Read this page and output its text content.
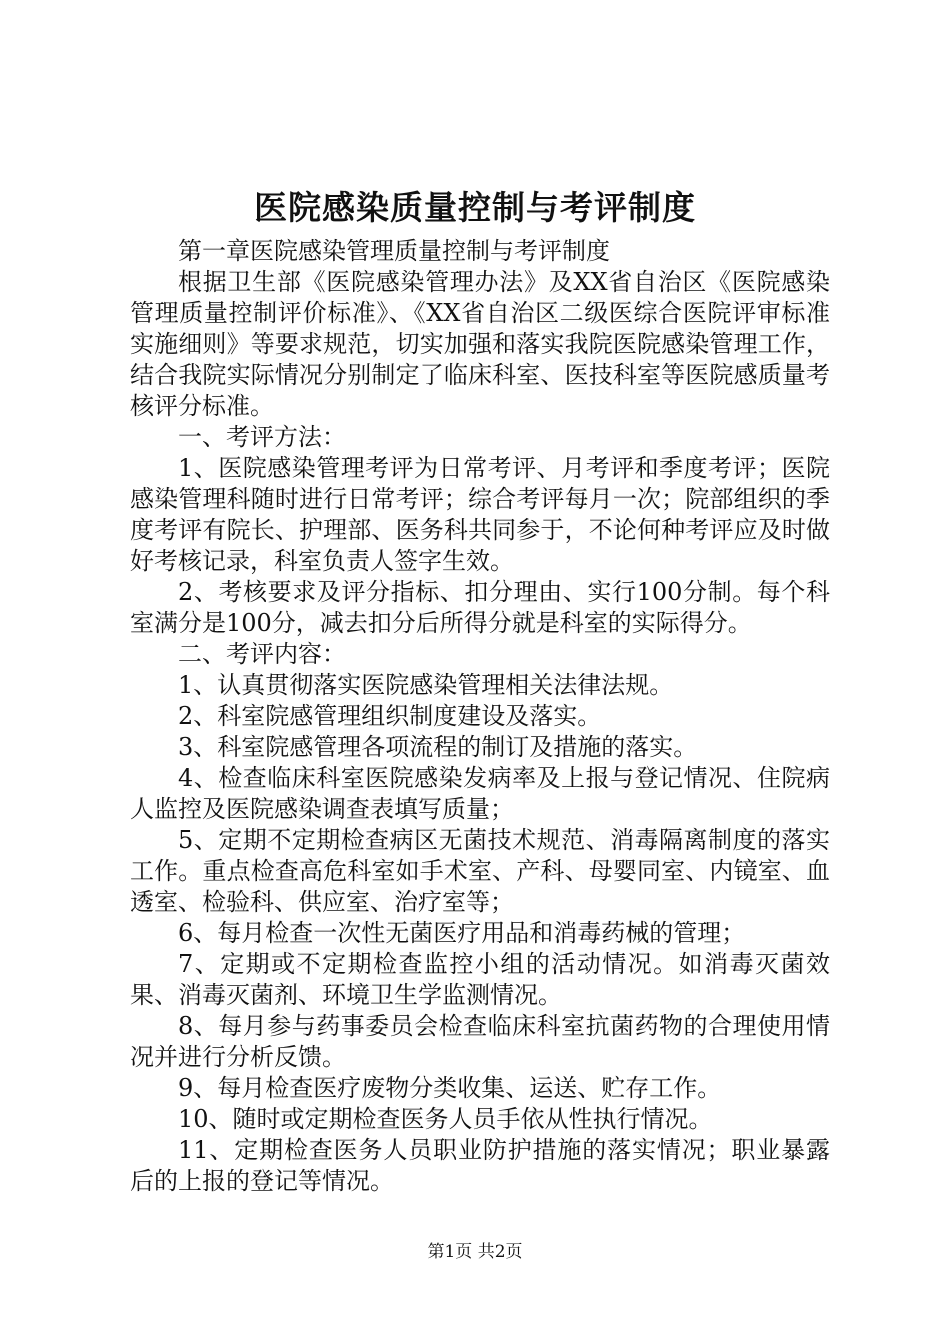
医院感染质量控制与考评制度

第一章医院感染管理质量控制与考评制度

根据卫生部《医院感染管理办法》及XX省自治区《医院感染管理质量控制评价标准》、《XX省自治区二级医综合医院评审标准实施细则》等要求规范，切实加强和落实我院医院感染管理工作，结合我院实际情况分别制定了临床科室、医技科室等医院感质量考核评分标准。

一、考评方法：

1、医院感染管理考评为日常考评、月考评和季度考评；医院感染管理科随时进行日常考评；综合考评每月一次；院部组织的季度考评有院长、护理部、医务科共同参于，不论何种考评应及时做好考核记录，科室负责人签字生效。

2、考核要求及评分指标、扣分理由、实行100分制。每个科室满分是100分，减去扣分后所得分就是科室的实际得分。

二、考评内容：

1、认真贯彻落实医院感染管理相关法律法规。

2、科室院感管理组织制度建设及落实。

3、科室院感管理各项流程的制订及措施的落实。

4、检查临床科室医院感染发病率及上报与登记情况、住院病人监控及医院感染调查表填写质量；

5、定期不定期检查病区无菌技术规范、消毒隔离制度的落实工作。重点检查高危科室如手术室、产科、母婴同室、内镜室、血透室、检验科、供应室、治疗室等；

6、每月检查一次性无菌医疗用品和消毒药械的管理；

7、定期或不定期检查监控小组的活动情况。如消毒灭菌效果、消毒灭菌剂、环境卫生学监测情况。

8、每月参与药事委员会检查临床科室抗菌药物的合理使用情况并进行分析反馈。

9、每月检查医疗废物分类收集、运送、贮存工作。

10、随时或定期检查医务人员手依从性执行情况。

11、定期检查医务人员职业防护措施的落实情况；职业暴露后的上报的登记等情况。

第1页 共2页
